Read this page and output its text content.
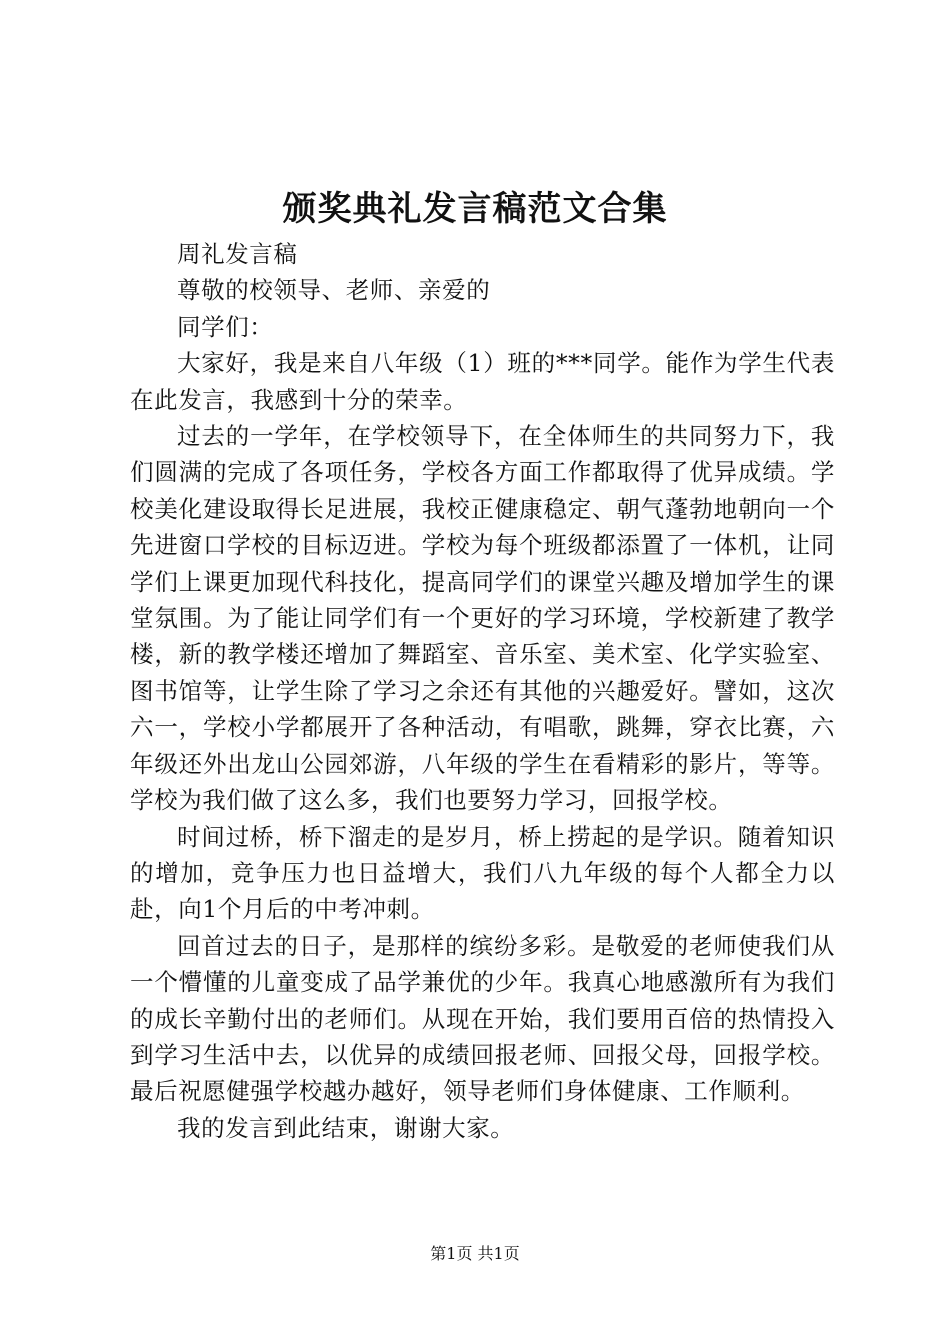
颁奖典礼发言稿范文合集

周礼发言稿

尊敬的校领导、老师、亲爱的

同学们：

大家好，我是来自八年级（1）班的***同学。能作为学生代表在此发言，我感到十分的荣幸。

过去的一学年，在学校领导下，在全体师生的共同努力下，我们圆满的完成了各项任务，学校各方面工作都取得了优异成绩。学校美化建设取得长足进展，我校正健康稳定、朝气蓬勃地朝向一个先进窗口学校的目标迈进。学校为每个班级都添置了一体机，让同学们上课更加现代科技化，提高同学们的课堂兴趣及增加学生的课堂氛围。为了能让同学们有一个更好的学习环境，学校新建了教学楼，新的教学楼还增加了舞蹈室、音乐室、美术室、化学实验室、图书馆等，让学生除了学习之余还有其他的兴趣爱好。譬如，这次六一，学校小学都展开了各种活动，有唱歌，跳舞，穿衣比赛，六年级还外出龙山公园郊游，八年级的学生在看精彩的影片，等等。学校为我们做了这么多，我们也要努力学习，回报学校。

时间过桥，桥下溜走的是岁月，桥上捞起的是学识。随着知识的增加，竞争压力也日益增大，我们八九年级的每个人都全力以赴，向1个月后的中考冲刺。

回首过去的日子，是那样的缤纷多彩。是敬爱的老师使我们从一个懵懂的儿童变成了品学兼优的少年。我真心地感激所有为我们的成长辛勤付出的老师们。从现在开始，我们要用百倍的热情投入到学习生活中去，以优异的成绩回报老师、回报父母，回报学校。最后祝愿健强学校越办越好，领导老师们身体健康、工作顺利。

我的发言到此结束，谢谢大家。

第1页 共1页
